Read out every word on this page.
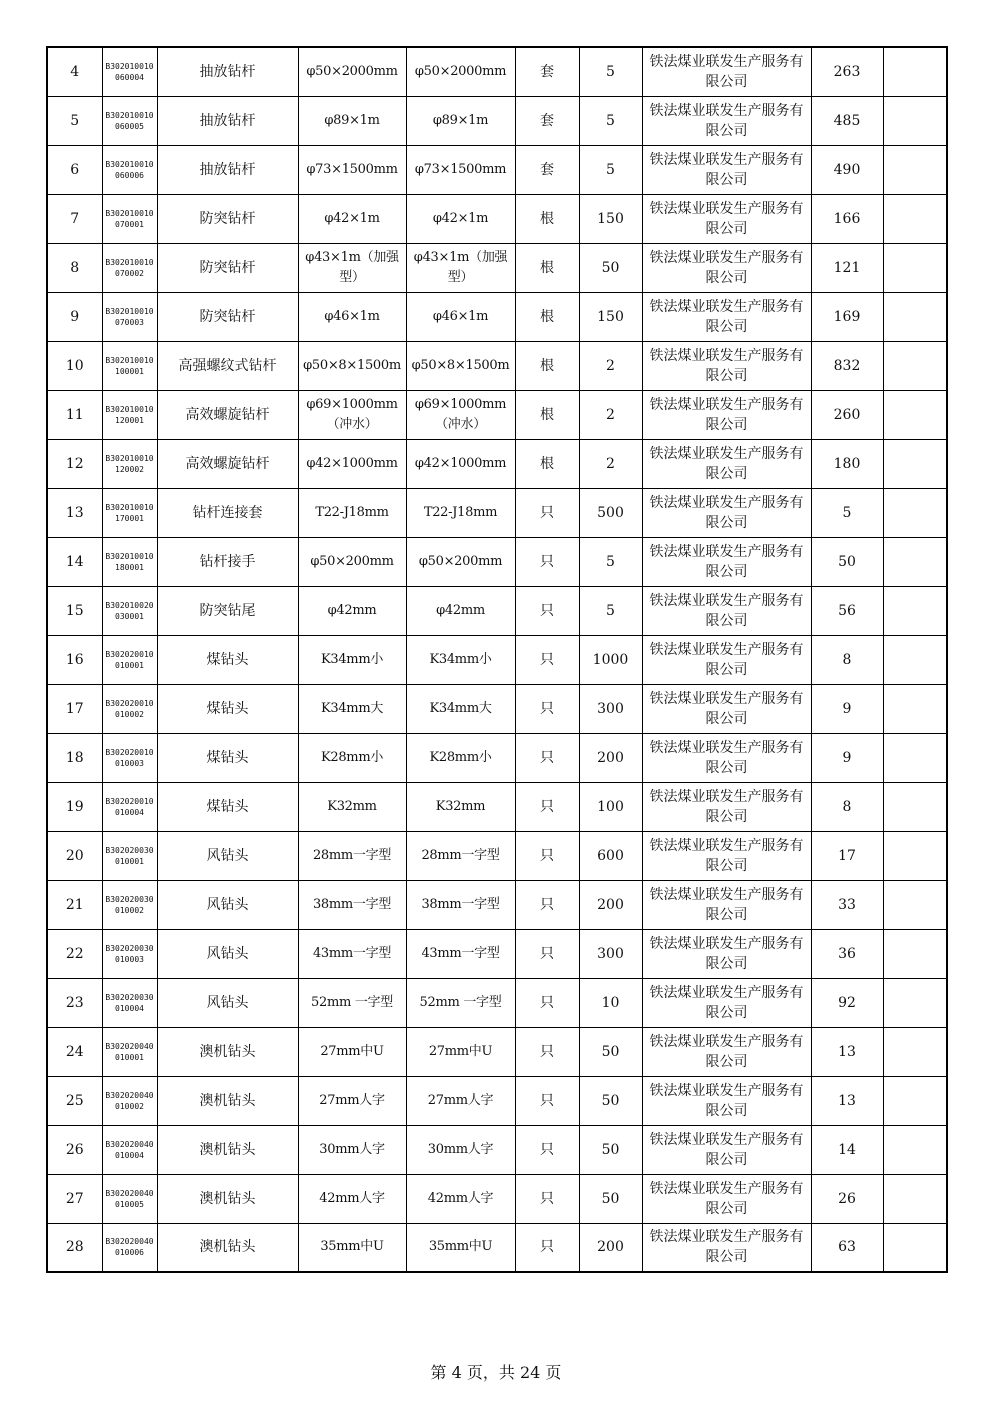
4	B302010010060004	抽放钻杆	φ50×2000mm	φ50×2000mm	套	5	铁法煤业联发生产服务有限公司	263	
5	B302010010060005	抽放钻杆	φ89×1m	φ89×1m	套	5	铁法煤业联发生产服务有限公司	485	
6	B302010010060006	抽放钻杆	φ73×1500mm	φ73×1500mm	套	5	铁法煤业联发生产服务有限公司	490	
7	B302010010070001	防突钻杆	φ42×1m	φ42×1m	根	150	铁法煤业联发生产服务有限公司	166	
8	B302010010070002	防突钻杆	φ43×1m（加强型）	φ43×1m（加强型）	根	50	铁法煤业联发生产服务有限公司	121	
9	B302010010070003	防突钻杆	φ46×1m	φ46×1m	根	150	铁法煤业联发生产服务有限公司	169	
10	B302010010100001	高强螺纹式钻杆	φ50×8×1500m	φ50×8×1500m	根	2	铁法煤业联发生产服务有限公司	832	
11	B302010010120001	高效螺旋钻杆	φ69×1000mm（冲水）	φ69×1000mm（冲水）	根	2	铁法煤业联发生产服务有限公司	260	
12	B302010010120002	高效螺旋钻杆	φ42×1000mm	φ42×1000mm	根	2	铁法煤业联发生产服务有限公司	180	
13	B302010010170001	钻杆连接套	T22-J18mm	T22-J18mm	只	500	铁法煤业联发生产服务有限公司	5	
14	B302010010180001	钻杆接手	φ50×200mm	φ50×200mm	只	5	铁法煤业联发生产服务有限公司	50	
15	B302010020030001	防突钻尾	φ42mm	φ42mm	只	5	铁法煤业联发生产服务有限公司	56	
16	B302020010010001	煤钻头	K34mm小	K34mm小	只	1000	铁法煤业联发生产服务有限公司	8	
17	B302020010010002	煤钻头	K34mm大	K34mm大	只	300	铁法煤业联发生产服务有限公司	9	
18	B302020010010003	煤钻头	K28mm小	K28mm小	只	200	铁法煤业联发生产服务有限公司	9	
19	B302020010010004	煤钻头	K32mm	K32mm	只	100	铁法煤业联发生产服务有限公司	8	
20	B302020030010001	风钻头	28mm一字型	28mm一字型	只	600	铁法煤业联发生产服务有限公司	17	
21	B302020030010002	风钻头	38mm一字型	38mm一字型	只	200	铁法煤业联发生产服务有限公司	33	
22	B302020030010003	风钻头	43mm一字型	43mm一字型	只	300	铁法煤业联发生产服务有限公司	36	
23	B302020030010004	风钻头	52mm 一字型	52mm 一字型	只	10	铁法煤业联发生产服务有限公司	92	
24	B302020040010001	澳机钻头	27mm中U	27mm中U	只	50	铁法煤业联发生产服务有限公司	13	
25	B302020040010002	澳机钻头	27mm人字	27mm人字	只	50	铁法煤业联发生产服务有限公司	13	
26	B302020040010004	澳机钻头	30mm人字	30mm人字	只	50	铁法煤业联发生产服务有限公司	14	
27	B302020040010005	澳机钻头	42mm人字	42mm人字	只	50	铁法煤业联发生产服务有限公司	26	
28	B302020040010006	澳机钻头	35mm中U	35mm中U	只	200	铁法煤业联发生产服务有限公司	63	
第 4 页，共 24 页
